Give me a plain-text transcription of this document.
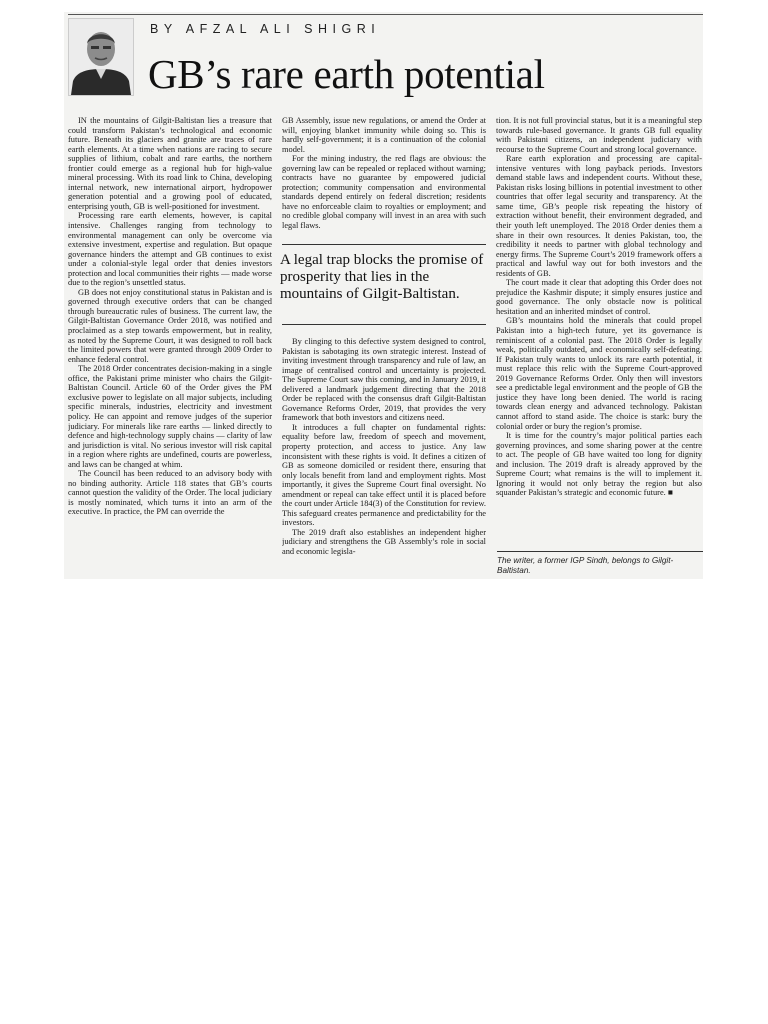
BY AFZAL ALI SHIGRI
GB’s rare earth potential

IN the mountains of Gilgit-Baltistan lies a treasure that could transform Pakistan’s technological and economic future. Beneath its glaciers and granite are traces of rare earth elements. At a time when nations are racing to secure supplies of lithium, cobalt and rare earths, the northern frontier could emerge as a regional hub for high-value mineral processing. With its road link to China, developing internal network, new international airport, hydropower generation potential and a growing pool of educated, enterprising youth, GB is well-positioned for investment.

Processing rare earth elements, however, is capital intensive. Challenges ranging from technology to environmental management can only be overcome via extensive investment, expertise and regulation. But opaque governance hinders the attempt and GB continues to exist under a colonial-style legal order that denies investors protection and local communities their rights — made worse due to the region’s unsettled status.

GB does not enjoy constitutional status in Pakistan and is governed through executive orders that can be changed through bureaucratic rules of business. The current law, the Gilgit-Baltistan Governance Order 2018, was notified and proclaimed as a step towards empowerment, but in reality, as noted by the Supreme Court, it was designed to roll back the limited powers that were granted through 2009 Order to enhance federal control.

The 2018 Order concentrates decision-making in a single office, the Pakistani prime minister who chairs the Gilgit-Baltistan Council. Article 60 of the Order gives the PM exclusive power to legislate on all major subjects, including specific minerals, industries, electricity and investment policy. He can appoint and remove judges of the superior judiciary. For minerals like rare earths — linked directly to defence and high-technology supply chains — clarity of law and jurisdiction is vital. No serious investor will risk capital in a region where rights are undefined, courts are powerless, and laws can be changed at whim.

The Council has been reduced to an advisory body with no binding authority. Article 118 states that GB’s courts cannot question the validity of the Order. The local judiciary is mostly nominated, which turns it into an arm of the executive. In practice, the PM can override the

GB Assembly, issue new regulations, or amend the Order at will, enjoying blanket immunity while doing so. This is hardly self-government; it is a continuation of the colonial model.

For the mining industry, the red flags are obvious: the governing law can be repealed or replaced without warning; contracts have no guarantee by empowered judicial protection; community compensation and environmental standards depend entirely on federal discretion; residents have no enforceable claim to royalties or employment; and no credible global company will invest in an area with such legal flaws.

A legal trap blocks the promise of prosperity that lies in the mountains of Gilgit-Baltistan.

By clinging to this defective system designed to control, Pakistan is sabotaging its own strategic interest. Instead of inviting investment through transparency and rule of law, an image of centralised control and uncertainty is projected. The Supreme Court saw this coming, and in January 2019, it delivered a landmark judgement directing that the 2018 Order be replaced with the consensus draft Gilgit-Baltistan Governance Reforms Order, 2019, that provides the very framework that both investors and citizens need.

It introduces a full chapter on fundamental rights: equality before law, freedom of speech and movement, property protection, and access to justice. Any law inconsistent with these rights is void. It defines a citizen of GB as someone domiciled or resident there, ensuring that only locals benefit from land and employment rights. Most importantly, it gives the Supreme Court final oversight. No amendment or repeal can take effect until it is placed before the court under Article 184(3) of the Constitution for review. This safeguard creates permanence and predictability for the investors.

The 2019 draft also establishes an independent higher judiciary and strengthens the GB Assembly’s role in social and economic legisla-

tion. It is not full provincial status, but it is a meaningful step towards rule-based governance. It grants GB full equality with Pakistani citizens, an independent judiciary with recourse to the Supreme Court and strong local governance.

Rare earth exploration and processing are capital-intensive ventures with long payback periods. Investors demand stable laws and independent courts. Without these, Pakistan risks losing billions in potential investment to other countries that offer legal security and transparency. At the same time, GB’s people risk repeating the history of extraction without benefit, their environment degraded, and their youth left unemployed. The 2018 Order denies them a share in their own resources. It denies Pakistan, too, the credibility it needs to partner with global technology and energy firms. The Supreme Court’s 2019 framework offers a practical and lawful way out for both investors and the residents of GB.

The court made it clear that adopting this Order does not prejudice the Kashmir dispute; it simply ensures justice and good governance. The only obstacle now is political hesitation and an inherited mindset of control.

GB’s mountains hold the minerals that could propel Pakistan into a high-tech future, yet its governance is reminiscent of a colonial past. The 2018 Order is legally weak, politically outdated, and economically self-defeating. If Pakistan truly wants to unlock its rare earth potential, it must replace this relic with the Supreme Court-approved 2019 Governance Reforms Order. Only then will investors see a predictable legal environment and the people of GB the justice they have long been denied. The world is racing towards clean energy and advanced technology. Pakistan cannot afford to stand aside. The choice is stark: bury the colonial order or bury the region’s promise.

It is time for the country’s major political parties each governing provinces, and some sharing power at the centre to act. The people of GB have waited too long for dignity and inclusion. The 2019 draft is already approved by the Supreme Court; what remains is the will to implement it. Ignoring it would not only betray the region but also squander Pakistan’s strategic and economic future. ■

The writer, a former IGP Sindh, belongs to Gilgit-Baltistan.
